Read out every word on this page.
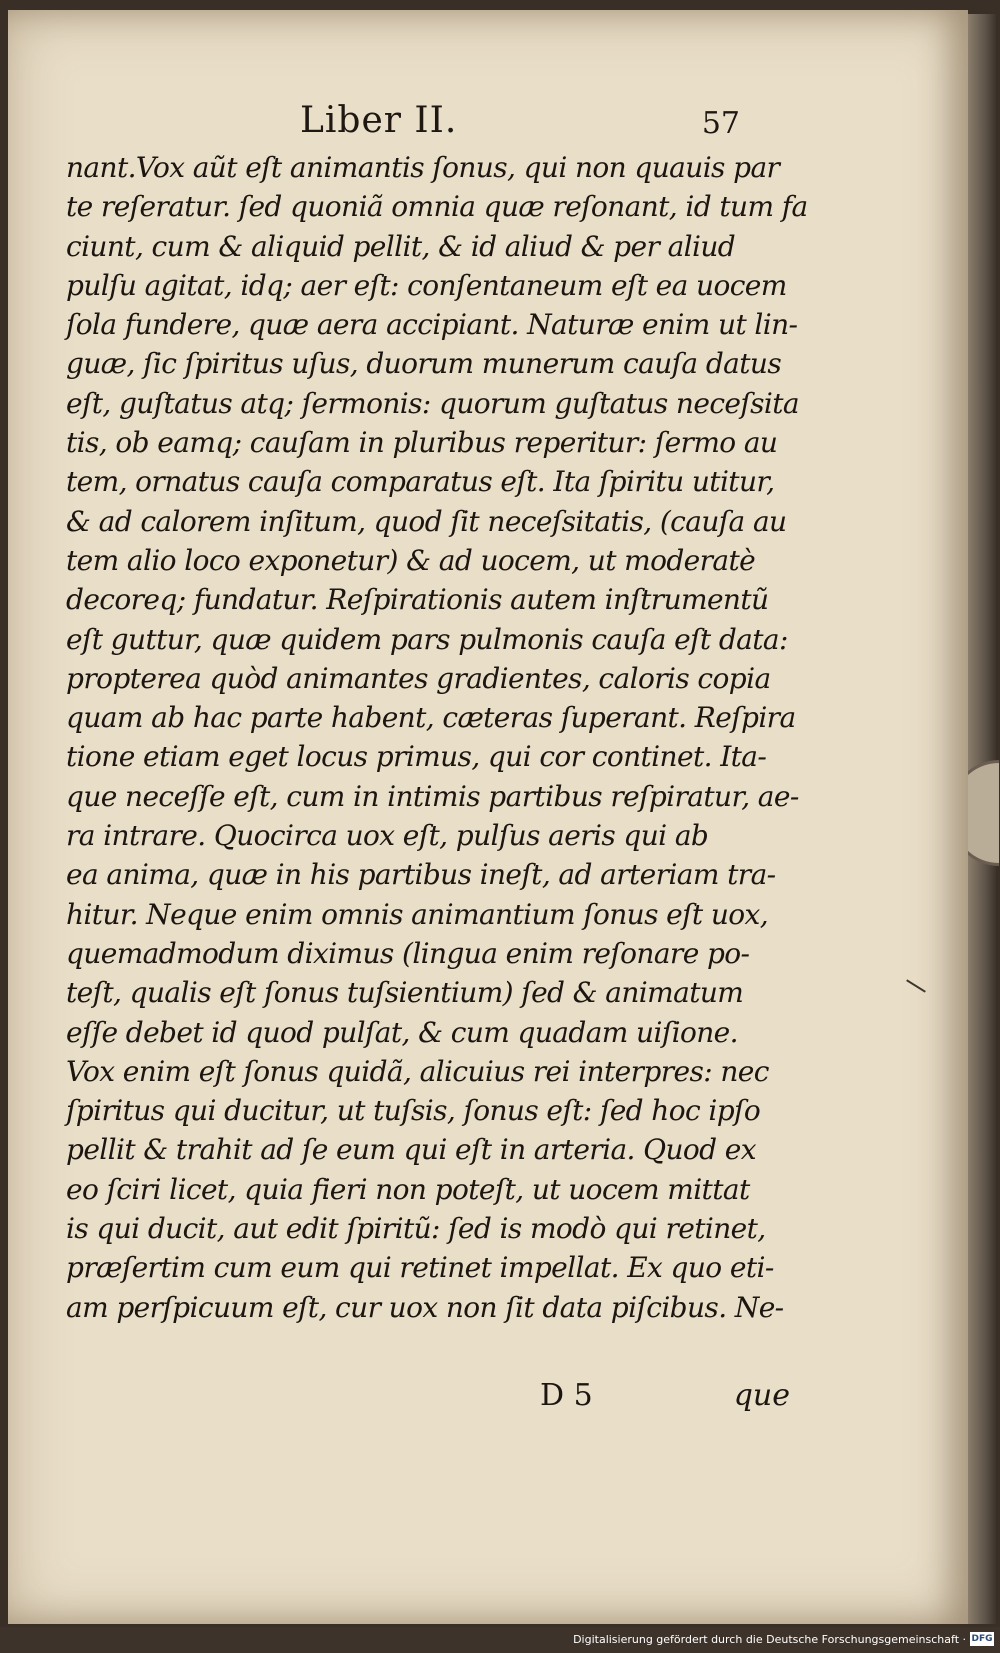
Liber II.	57
nant.Vox aũt eſt animantis ſonus, qui non quauis par
te reſeratur. ſed quoniã omnia quæ reſonant, id tum fa
ciunt, cum & aliquid pellit, & id aliud & per aliud
pulſu agitat, idq; aer eſt: conſentaneum eſt ea uocem
ſola fundere, quæ aera accipiant. Naturæ enim ut lin-
guæ, ſic ſpiritus uſus, duorum munerum cauſa datus
eſt, guſtatus atq; ſermonis: quorum guſtatus neceſsita
tis, ob eamq; cauſam in pluribus reperitur: ſermo au
tem, ornatus cauſa comparatus eſt. Ita ſpiritu utitur,
& ad calorem inſitum, quod ſit neceſsitatis, (cauſa au
tem alio loco exponetur) & ad uocem, ut moderatè
decoreq; fundatur. Reſpirationis autem inſtrumentũ
eſt guttur, quæ quidem pars pulmonis cauſa eſt data:
propterea quòd animantes gradientes, caloris copia
quam ab hac parte habent, cæteras ſuperant. Reſpira
tione etiam eget locus primus, qui cor continet. Ita-
que neceſſe eſt, cum in intimis partibus reſpiratur, ae-
ra intrare. Quocirca uox eſt, pulſus aeris qui ab
ea anima, quæ in his partibus ineſt, ad arteriam tra-
hitur. Neque enim omnis animantium ſonus eſt uox,
quemadmodum diximus (lingua enim reſonare po-
teſt, qualis eſt ſonus tuſsientium) ſed & animatum
eſſe debet id quod pulſat, & cum quadam uiſione.
Vox enim eſt ſonus quidã, alicuius rei interpres: nec
ſpiritus qui ducitur, ut tuſsis, ſonus eſt: ſed hoc ipſo
pellit & trahit ad ſe eum qui eſt in arteria. Quod ex
eo ſciri licet, quia fieri non poteſt, ut uocem mittat
is qui ducit, aut edit ſpiritũ: ſed is modò qui retinet,
præſertim cum eum qui retinet impellat. Ex quo eti-
am perſpicuum eſt, cur uox non ſit data piſcibus. Ne-
D 5	que
Digitalisierung gefördert durch die Deutsche Forschungsgemeinschaft · DFG
